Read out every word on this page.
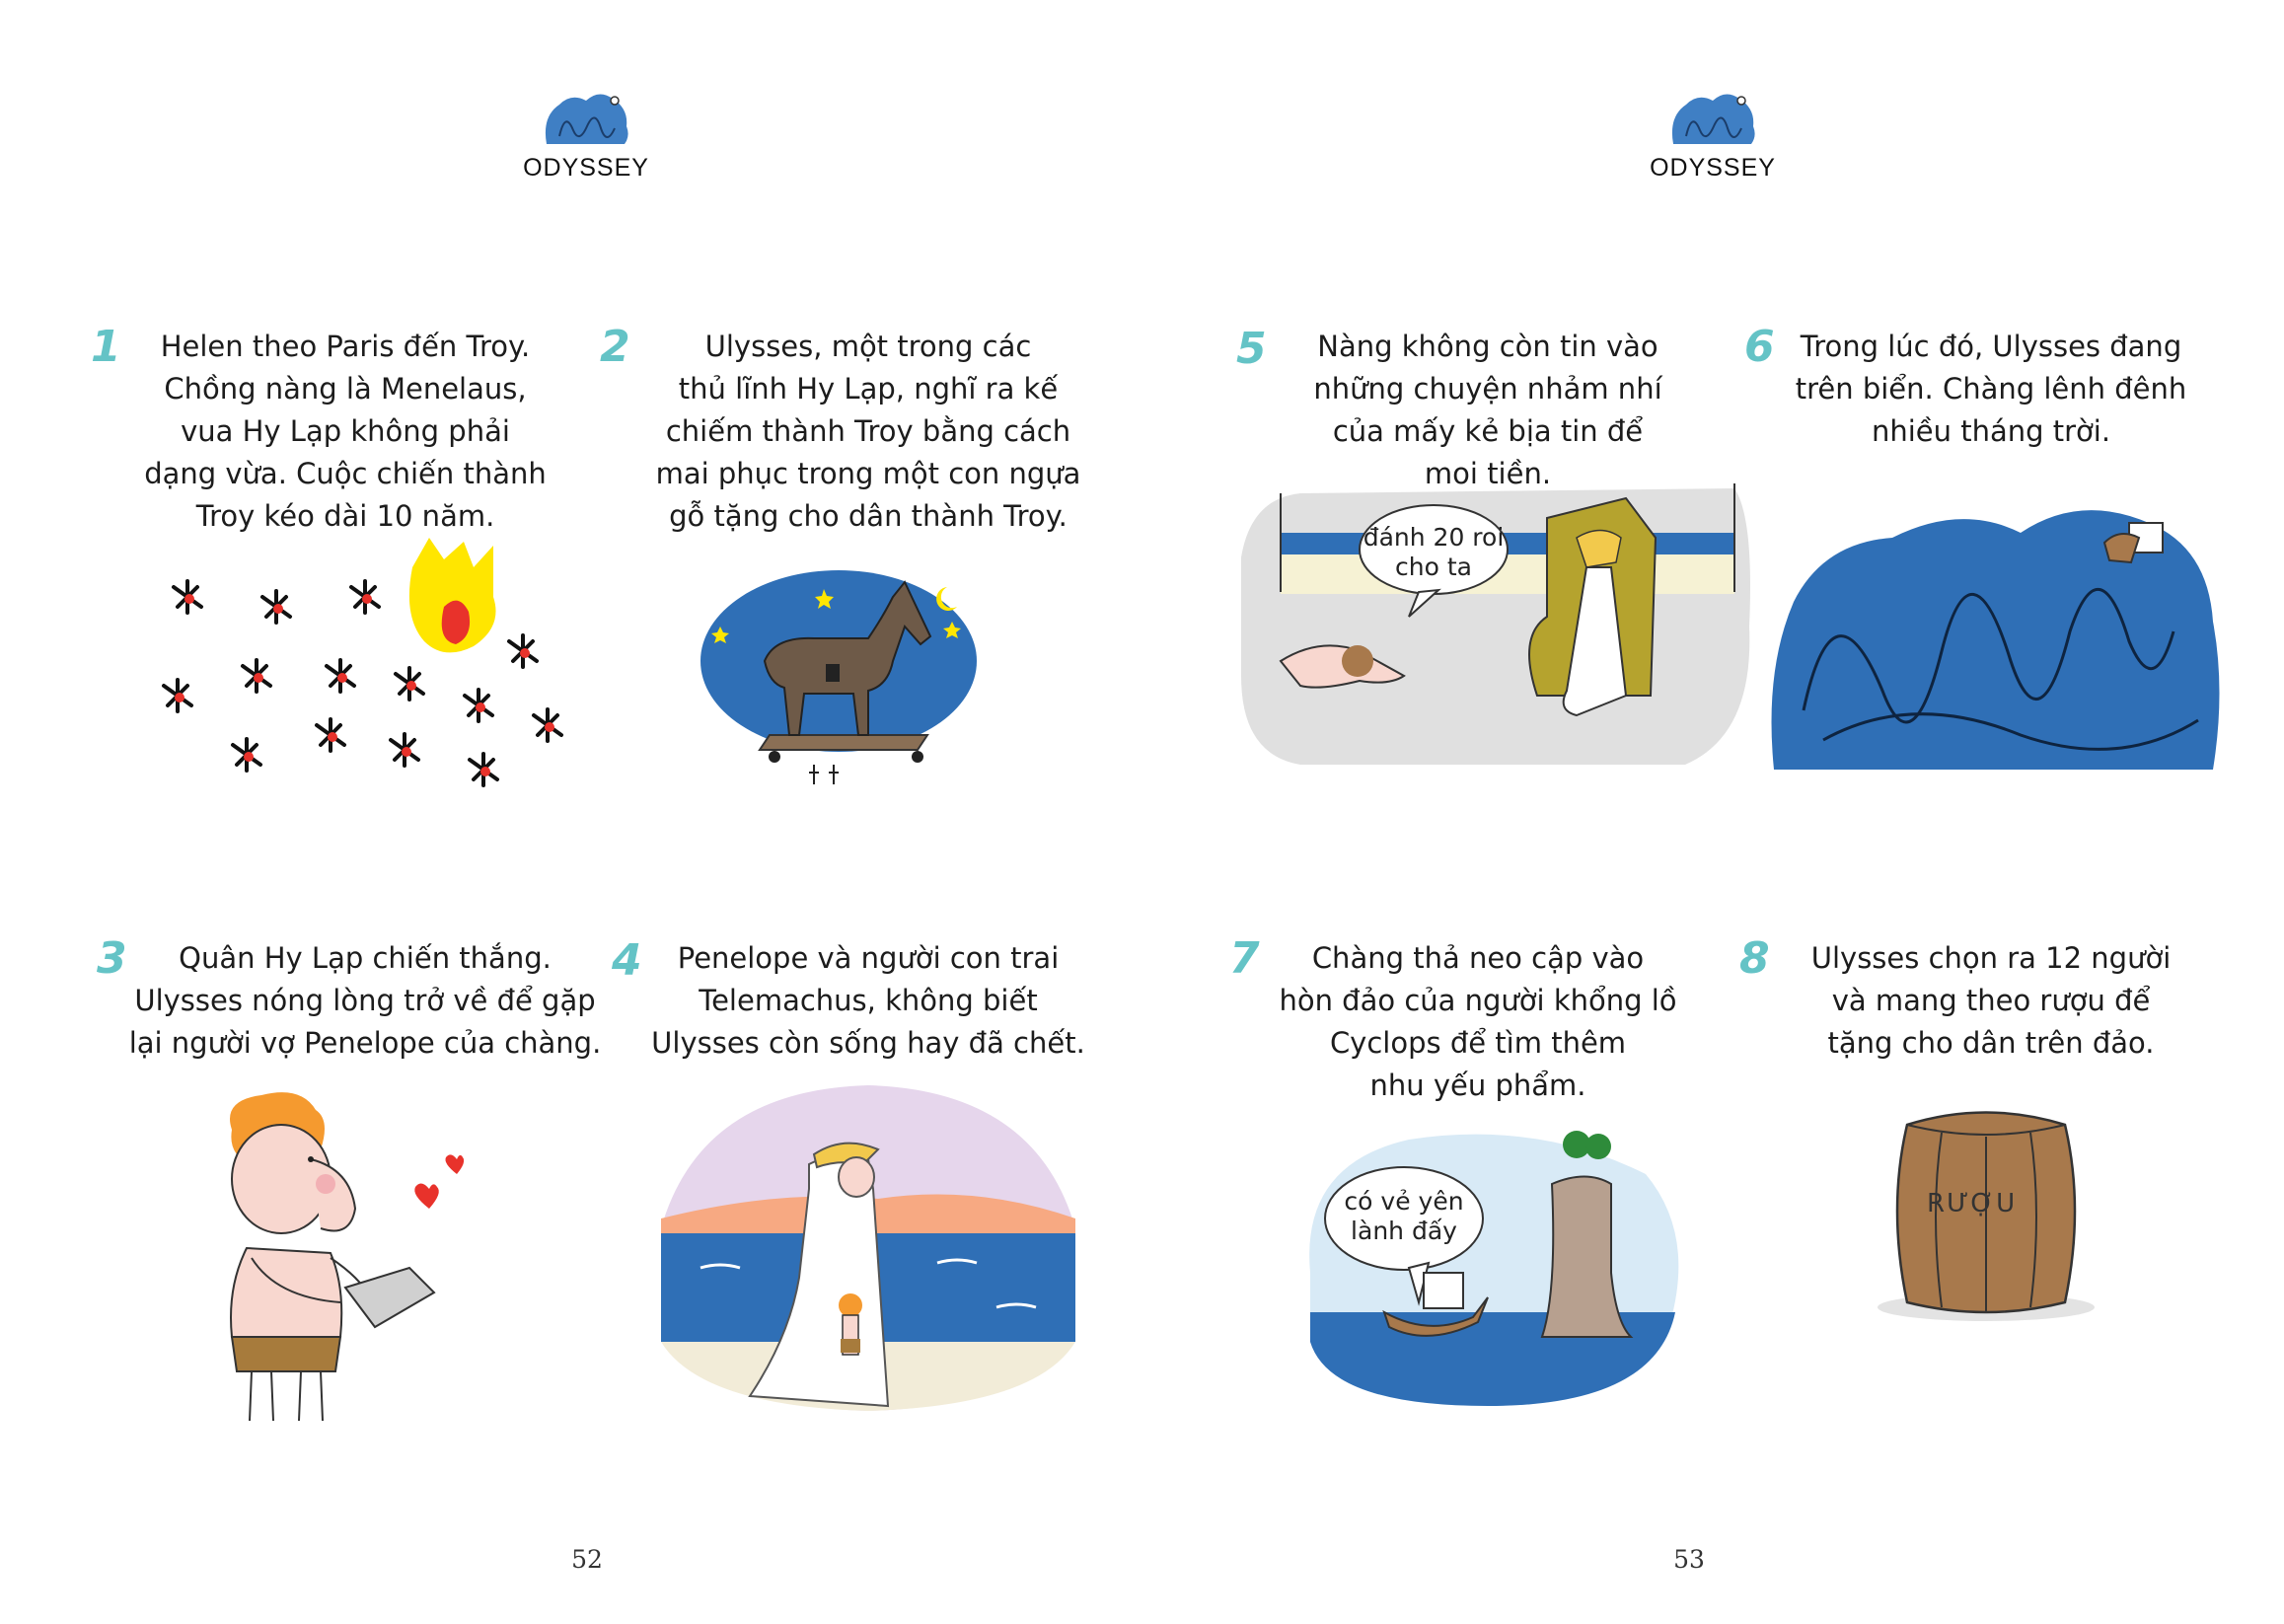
ODYSSEY
1	Helen theo Paris đến Troy.
Chồng nàng là Menelaus,
vua Hy Lạp không phải
dạng vừa. Cuộc chiến thành
Troy kéo dài 10 năm.
2	Ulysses, một trong các
thủ lĩnh Hy Lạp, nghĩ ra kế
chiếm thành Troy bằng cách
mai phục trong một con ngựa
gỗ tặng cho dân thành Troy.
3	Quân Hy Lạp chiến thắng.
Ulysses nóng lòng trở về để gặp
lại người vợ Penelope của chàng.
4	Penelope và người con trai
Telemachus, không biết
Ulysses còn sống hay đã chết.
52
ODYSSEY
5	Nàng không còn tin vào
những chuyện nhảm nhí
của mấy kẻ bịa tin để
moi tiền.
đánh 20 roi
cho ta
6 Trong lúc đó, Ulysses đang
trên biển. Chàng lênh đênh
nhiều tháng trời.
7	Chàng thả neo cập vào
hòn đảo của người khổng lồ
Cyclops để tìm thêm
nhu yếu phẩm.
có vẻ yên
lành đấy
8	Ulysses chọn ra 12 người
và mang theo rượu để
tặng cho dân trên đảo.
RƯỢU
53
